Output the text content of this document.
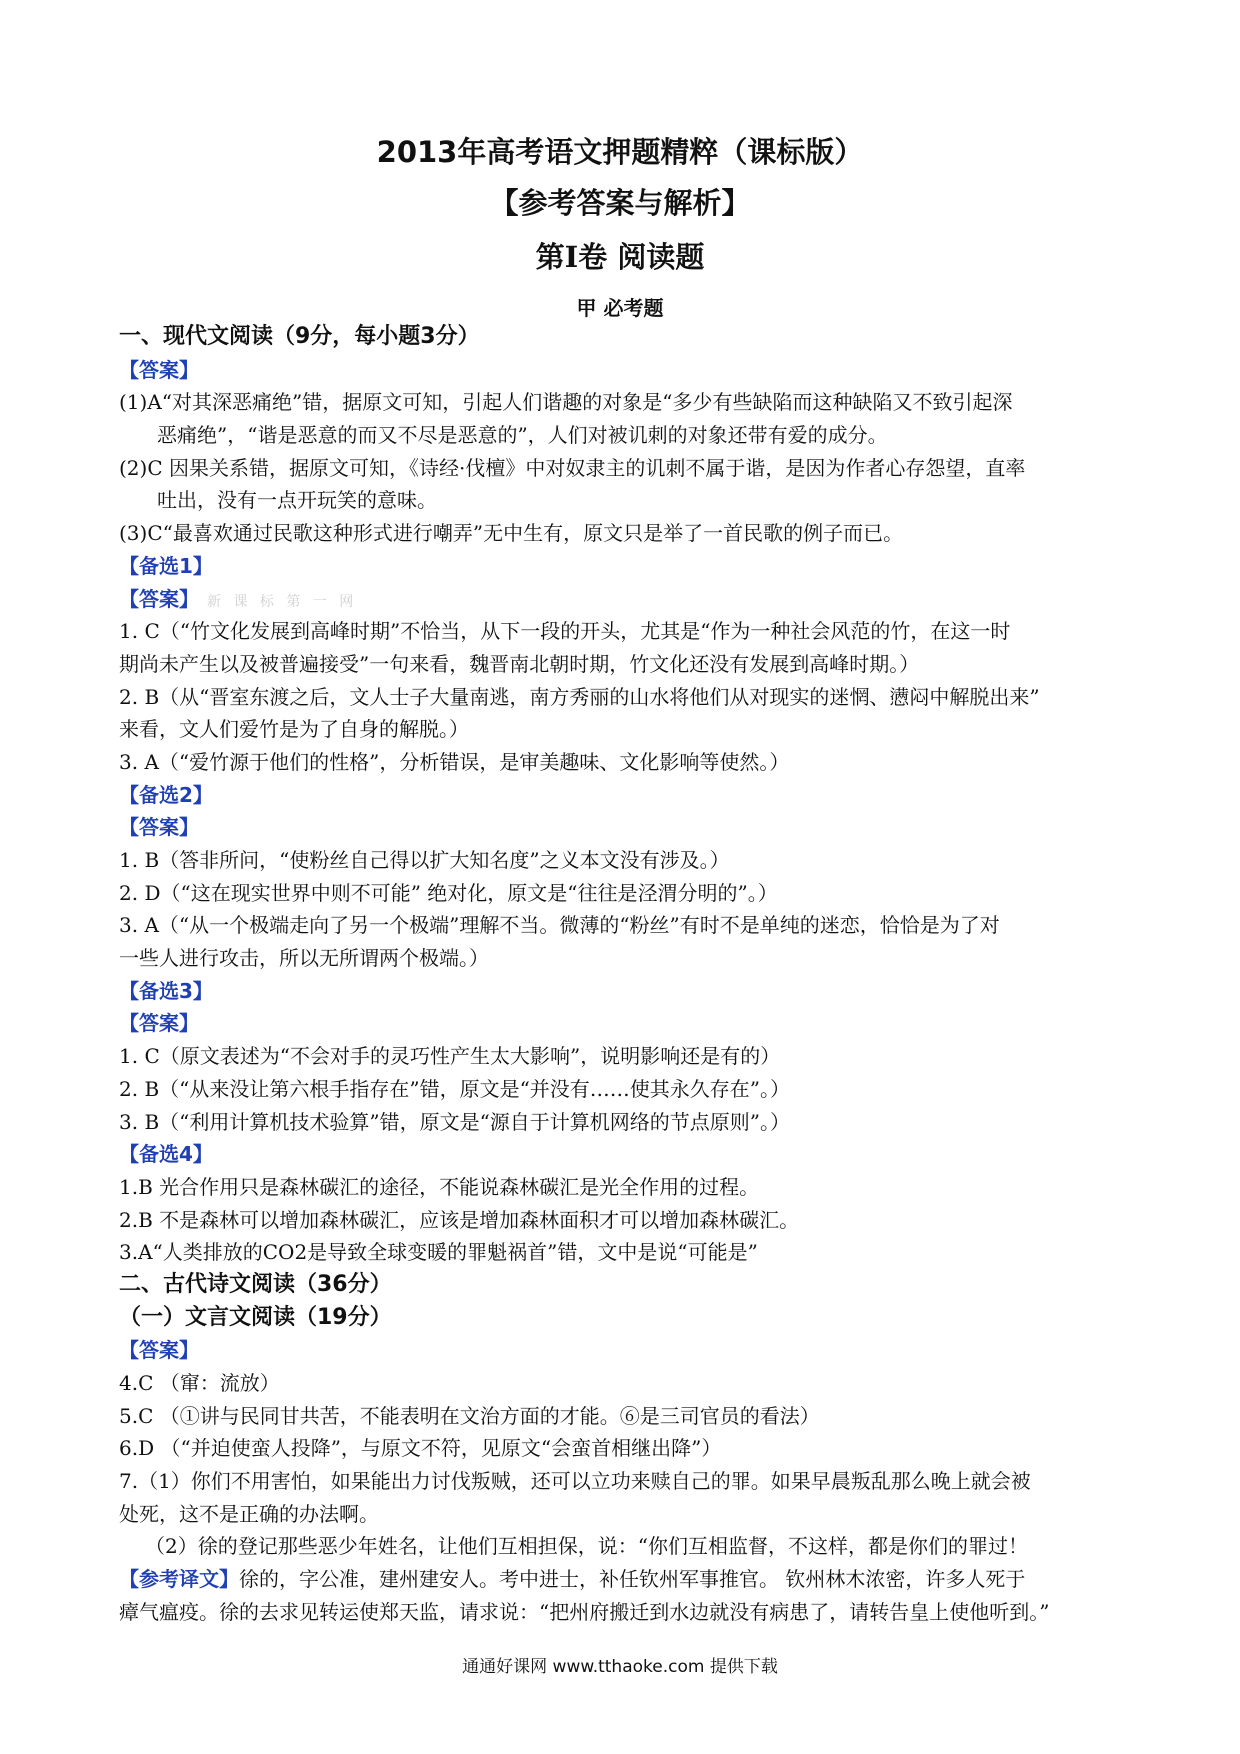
2013年高考语文押题精粹（课标版）
【参考答案与解析】
第Ⅰ卷 阅读题
甲 必考题
一、现代文阅读（9分，每小题3分）
【答案】
(1)A“对其深恶痛绝”错，据原文可知，引起人们谐趣的对象是“多少有些缺陷而这种缺陷又不致引起深
恶痛绝”，“谐是恶意的而又不尽是恶意的”，人们对被讥刺的对象还带有爱的成分。
(2)C 因果关系错，据原文可知，《诗经·伐檀》中对奴隶主的讥刺不属于谐，是因为作者心存怨望，直率
吐出，没有一点开玩笑的意味。
(3)C“最喜欢通过民歌这种形式进行嘲弄”无中生有，原文只是举了一首民歌的例子而已。
【备选1】
【答案】 新 课 标 第 一 网
1. C（“竹文化发展到高峰时期”不恰当，从下一段的开头，尤其是“作为一种社会风范的竹，在这一时
期尚未产生以及被普遍接受”一句来看，魏晋南北朝时期，竹文化还没有发展到高峰时期。）
2. B（从“晋室东渡之后，文人士子大量南逃，南方秀丽的山水将他们从对现实的迷惘、懑闷中解脱出来”
来看，文人们爱竹是为了自身的解脱。）
3. A（“爱竹源于他们的性格”，分析错误，是审美趣味、文化影响等使然。）
【备选2】
【答案】
1. B（答非所问，“使粉丝自己得以扩大知名度”之义本文没有涉及。）
2. D（“这在现实世界中则不可能” 绝对化，原文是“往往是泾渭分明的”。）
3. A（“从一个极端走向了另一个极端”理解不当。微薄的“粉丝”有时不是单纯的迷恋，恰恰是为了对
一些人进行攻击，所以无所谓两个极端。）
【备选3】
【答案】
1. C（原文表述为“不会对手的灵巧性产生太大影响”，说明影响还是有的）
2. B（“从来没让第六根手指存在”错，原文是“并没有……使其永久存在”。）
3. B（“利用计算机技术验算”错，原文是“源自于计算机网络的节点原则”。）
【备选4】
1.B 光合作用只是森林碳汇的途径，不能说森林碳汇是光全作用的过程。
2.B 不是森林可以增加森林碳汇，应该是增加森林面积才可以增加森林碳汇。
3.A“人类排放的CO2是导致全球变暖的罪魁祸首”错，文中是说“可能是”
二、古代诗文阅读（36分）
（一）文言文阅读（19分）
【答案】
4.C （窜：流放）
5.C （①讲与民同甘共苦，不能表明在文治方面的才能。⑥是三司官员的看法）
6.D （“并迫使蛮人投降”，与原文不符，见原文“会蛮首相继出降”）
7.（1）你们不用害怕，如果能出力讨伐叛贼，还可以立功来赎自己的罪。如果早晨叛乱那么晚上就会被
处死，这不是正确的办法啊。
（2）徐的登记那些恶少年姓名，让他们互相担保，说：“你们互相监督，不这样，都是你们的罪过！
【参考译文】徐的，字公准，建州建安人。考中进士，补任钦州军事推官。 钦州林木浓密，许多人死于
瘴气瘟疫。徐的去求见转运使郑天监，请求说：“把州府搬迁到水边就没有病患了，请转告皇上使他听到。”
通通好课网 www.tthaoke.com 提供下载
